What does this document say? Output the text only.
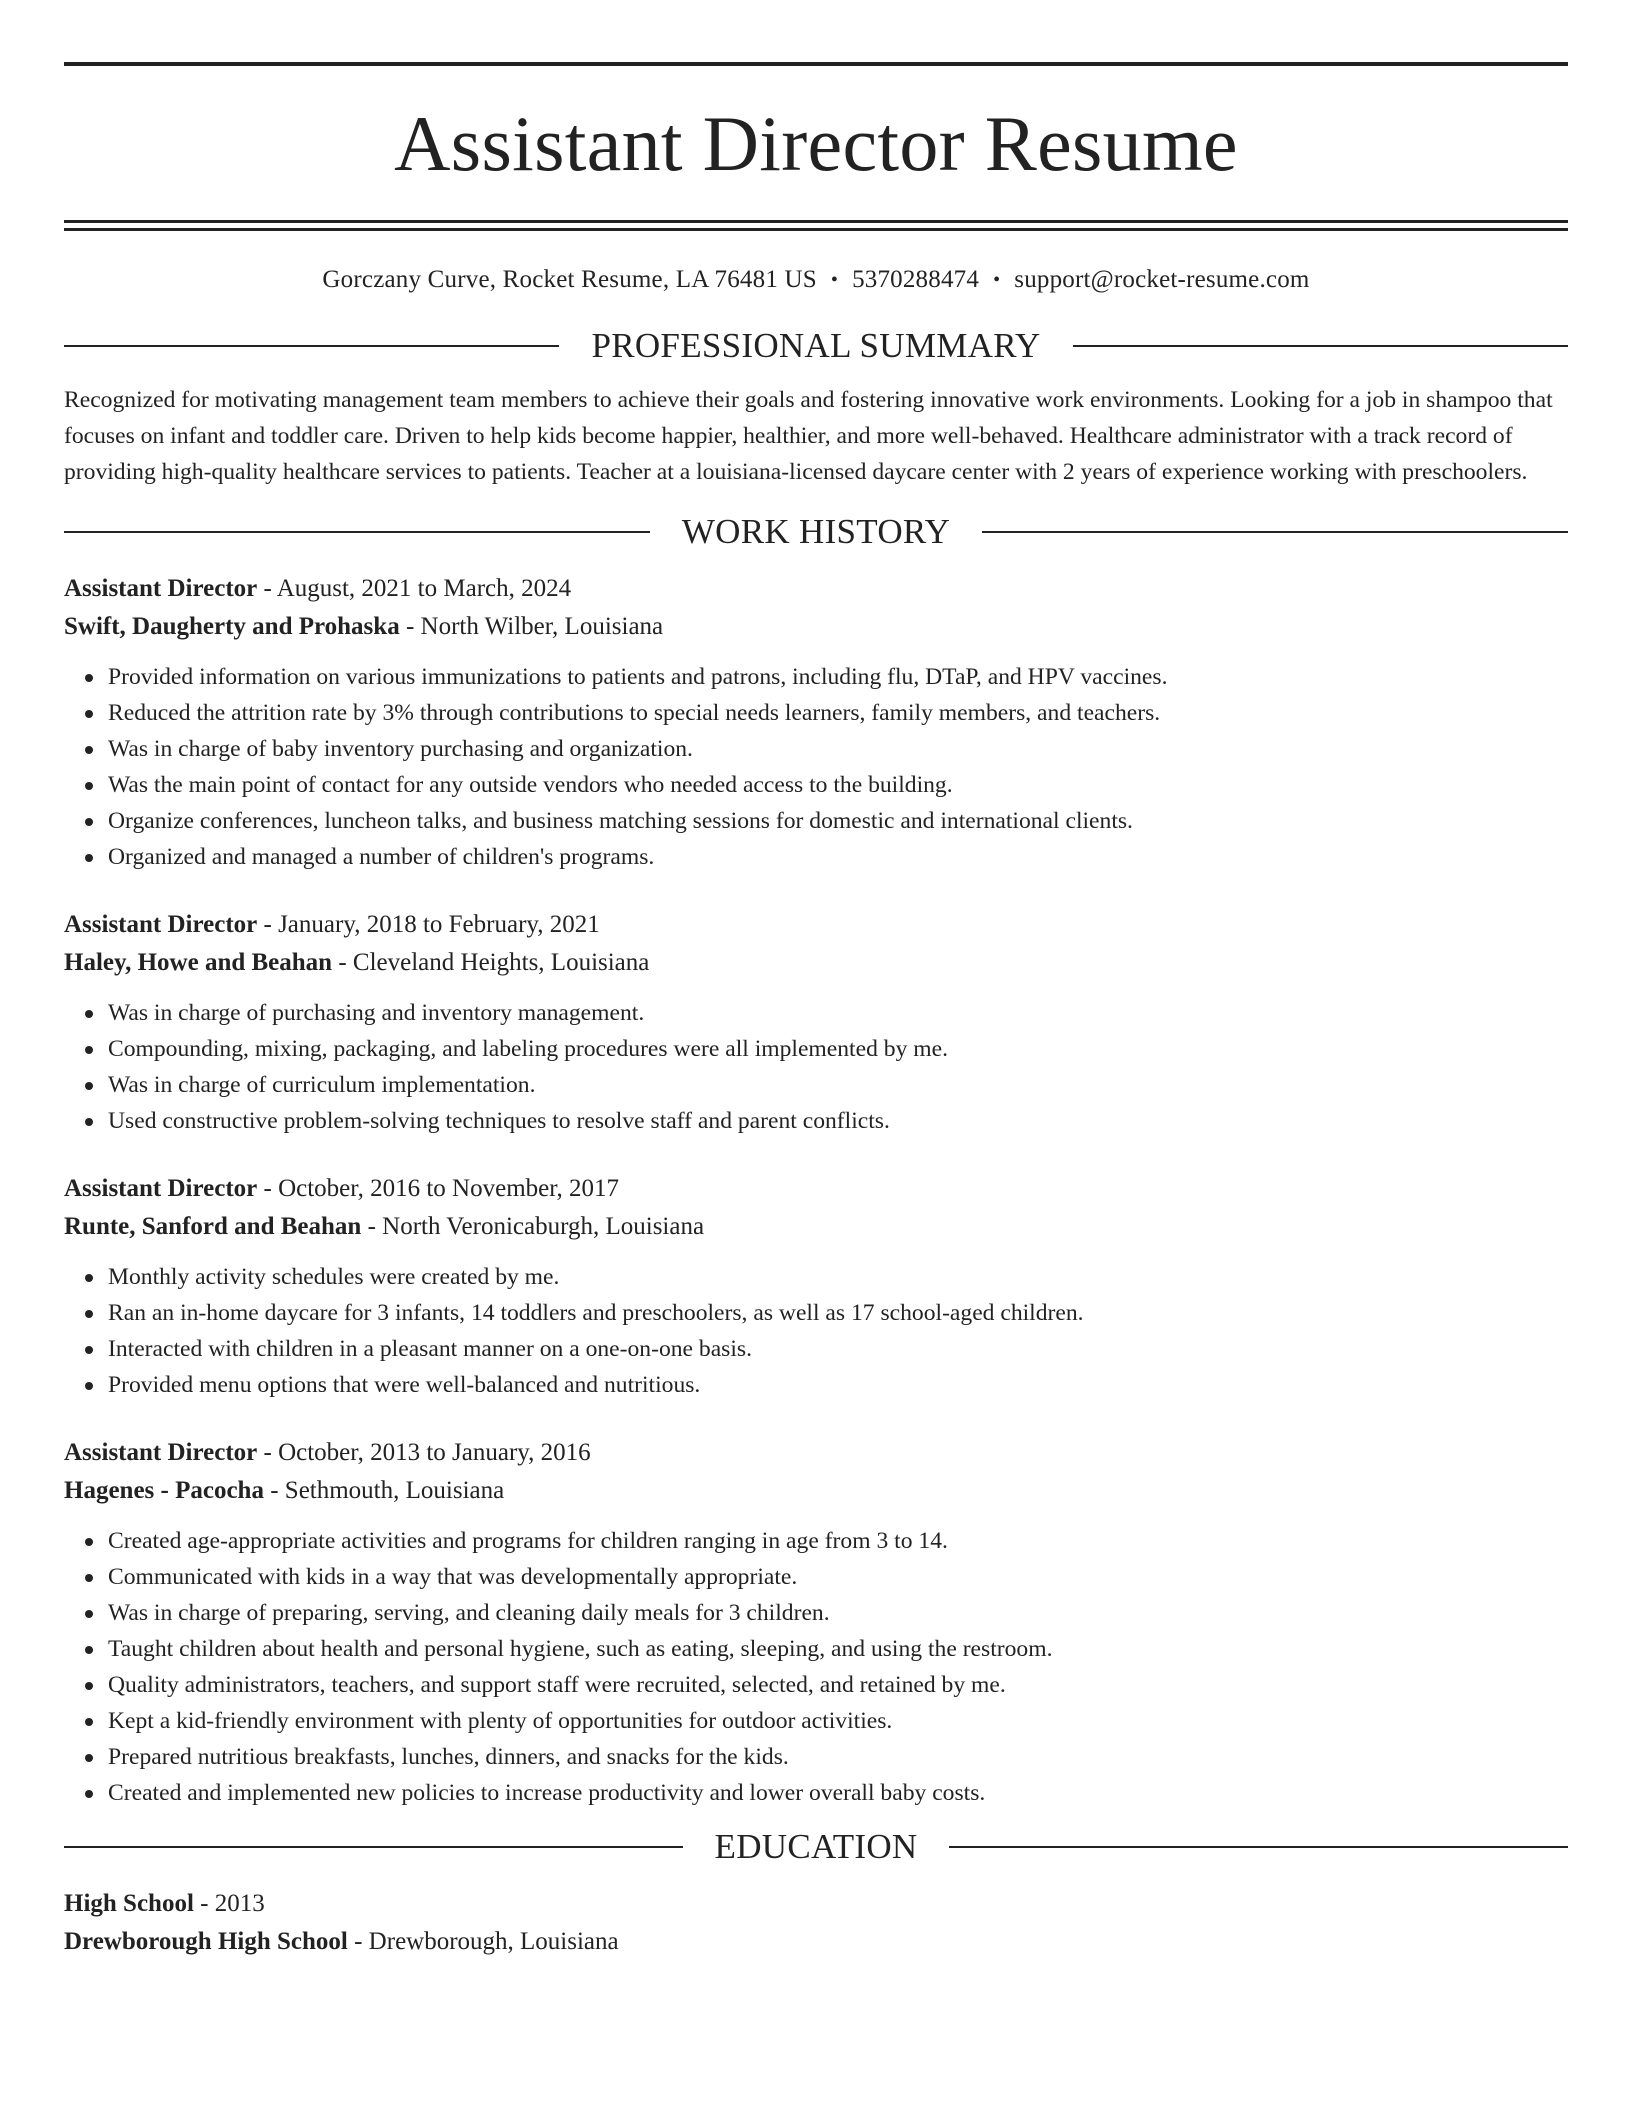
Assistant Director Resume
Gorczany Curve, Rocket Resume, LA 76481 US • 5370288474 • support@rocket-resume.com
PROFESSIONAL SUMMARY

Recognized for motivating management team members to achieve their goals and fostering innovative work environments. Looking for a job in shampoo that focuses on infant and toddler care. Driven to help kids become happier, healthier, and more well-behaved. Healthcare administrator with a track record of providing high-quality healthcare services to patients. Teacher at a louisiana-licensed daycare center with 2 years of experience working with preschoolers.

WORK HISTORY

Assistant Director - August, 2021 to March, 2024

Swift, Daugherty and Prohaska - North Wilber, Louisiana

Provided information on various immunizations to patients and patrons, including flu, DTaP, and HPV vaccines.
Reduced the attrition rate by 3% through contributions to special needs learners, family members, and teachers.
Was in charge of baby inventory purchasing and organization.
Was the main point of contact for any outside vendors who needed access to the building.
Organize conferences, luncheon talks, and business matching sessions for domestic and international clients.
Organized and managed a number of children's programs.

Assistant Director - January, 2018 to February, 2021

Haley, Howe and Beahan - Cleveland Heights, Louisiana

Was in charge of purchasing and inventory management.
Compounding, mixing, packaging, and labeling procedures were all implemented by me.
Was in charge of curriculum implementation.
Used constructive problem-solving techniques to resolve staff and parent conflicts.

Assistant Director - October, 2016 to November, 2017

Runte, Sanford and Beahan - North Veronicaburgh, Louisiana

Monthly activity schedules were created by me.
Ran an in-home daycare for 3 infants, 14 toddlers and preschoolers, as well as 17 school-aged children.
Interacted with children in a pleasant manner on a one-on-one basis.
Provided menu options that were well-balanced and nutritious.

Assistant Director - October, 2013 to January, 2016

Hagenes - Pacocha - Sethmouth, Louisiana

Created age-appropriate activities and programs for children ranging in age from 3 to 14.
Communicated with kids in a way that was developmentally appropriate.
Was in charge of preparing, serving, and cleaning daily meals for 3 children.
Taught children about health and personal hygiene, such as eating, sleeping, and using the restroom.
Quality administrators, teachers, and support staff were recruited, selected, and retained by me.
Kept a kid-friendly environment with plenty of opportunities for outdoor activities.
Prepared nutritious breakfasts, lunches, dinners, and snacks for the kids.
Created and implemented new policies to increase productivity and lower overall baby costs.
EDUCATION

High School - 2013

Drewborough High School - Drewborough, Louisiana
